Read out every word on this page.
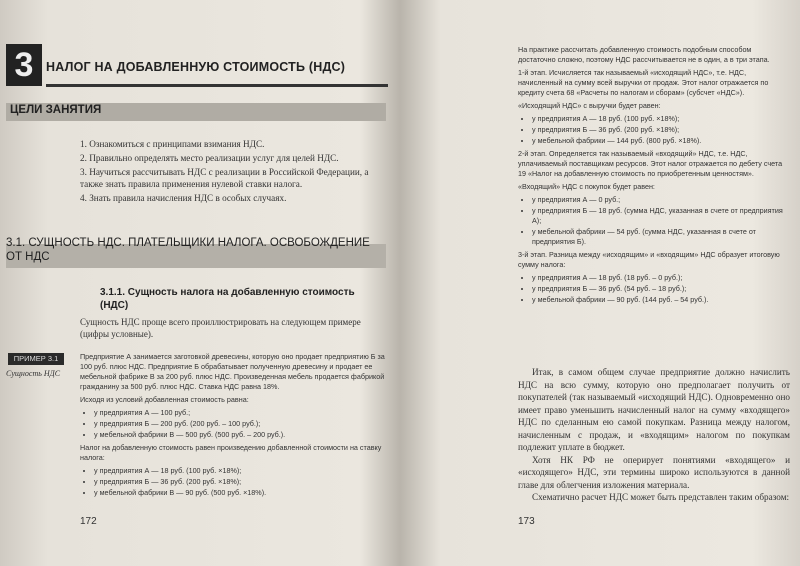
3	НАЛОГ НА ДОБАВЛЕННУЮ СТОИМОСТЬ (НДС)
ЦЕЛИ ЗАНЯТИЯ
1. Ознакомиться с принципами взимания НДС.
2. Правильно определять место реализации услуг для целей НДС.
3. Научиться рассчитывать НДС с реализации в Российской Федерации, а также знать правила применения нулевой ставки налога.
4. Знать правила начисления НДС в особых случаях.
3.1. СУЩНОСТЬ НДС. ПЛАТЕЛЬЩИКИ НАЛОГА. ОСВОБОЖДЕНИЕ ОТ НДС
3.1.1. Сущность налога на добавленную стоимость (НДС)
Сущность НДС проще всего проиллюстрировать на следующем примере (цифры условные).
ПРИМЕР 3.1
Сущность НДС

Предприятие А занимается заготовкой древесины, которую оно продает предприятию Б за 100 руб. плюс НДС. Предприятие Б обрабатывает полученную древесину и продает ее мебельной фабрике В за 200 руб. плюс НДС. Произведенная мебель продается фабрикой гражданину за 500 руб. плюс НДС. Ставка НДС равна 18%.

Исходя из условий добавленная стоимость равна:

• у предприятия А — 100 руб.;
• у предприятия Б — 200 руб. (200 руб. – 100 руб.);
• у мебельной фабрики В — 500 руб. (500 руб. – 200 руб.).

Налог на добавленную стоимость равен произведению добавленной стоимости на ставку налога:

• у предприятия А — 18 руб. (100 руб. ×18%);
• у предприятия Б — 36 руб. (200 руб. ×18%);
• у мебельной фабрики В — 90 руб. (500 руб. ×18%).
172

На практике рассчитать добавленную стоимость подобным способом достаточно сложно, поэтому НДС рассчитывается не в один, а в три этапа.

1-й этап. Исчисляется так называемый «исходящий НДС», т.е. НДС, начисленный на сумму всей выручки от продаж. Этот налог отражается по кредиту счета 68 «Расчеты по налогам и сборам» (субсчет «НДС»).

«Исходящий НДС» с выручки будет равен:

• у предприятия А — 18 руб. (100 руб. ×18%);
• у предприятия Б — 36 руб. (200 руб. ×18%);
• у мебельной фабрики — 144 руб. (800 руб. ×18%).

2-й этап. Определяется так называемый «входящий» НДС, т.е. НДС, уплачиваемый поставщикам ресурсов. Этот налог отражается по дебету счета 19 «Налог на добавленную стоимость по приобретенным ценностям».

«Входящий» НДС с покупок будет равен:

• у предприятия А — 0 руб.;
• у предприятия Б — 18 руб. (сумма НДС, указанная в счете от предприятия А);
• у мебельной фабрики — 54 руб. (сумма НДС, указанная в счете от предприятия Б).

3-й этап. Разница между «исходящим» и «входящим» НДС образует итоговую сумму налога:

• у предприятия А — 18 руб. (18 руб. – 0 руб.);
• у предприятия Б — 36 руб. (54 руб. – 18 руб.);
• у мебельной фабрики — 90 руб. (144 руб. – 54 руб.).

Итак, в самом общем случае предприятие должно начислить НДС на всю сумму, которую оно предполагает получить от покупателей (так называемый «исходящий НДС). Одновременно оно имеет право уменьшить начисленный налог на сумму «входящего» НДС по сделанным ею самой покупкам. Разница между налогом, начисленным с продаж, и «входящим» налогом по покупкам подлежит уплате в бюджет.

Хотя НК РФ не оперирует понятиями «входящего» и «исходящего» НДС, эти термины широко используются в данной главе для облегчения изложения материала.

Схематично расчет НДС может быть представлен таким образом:

173
